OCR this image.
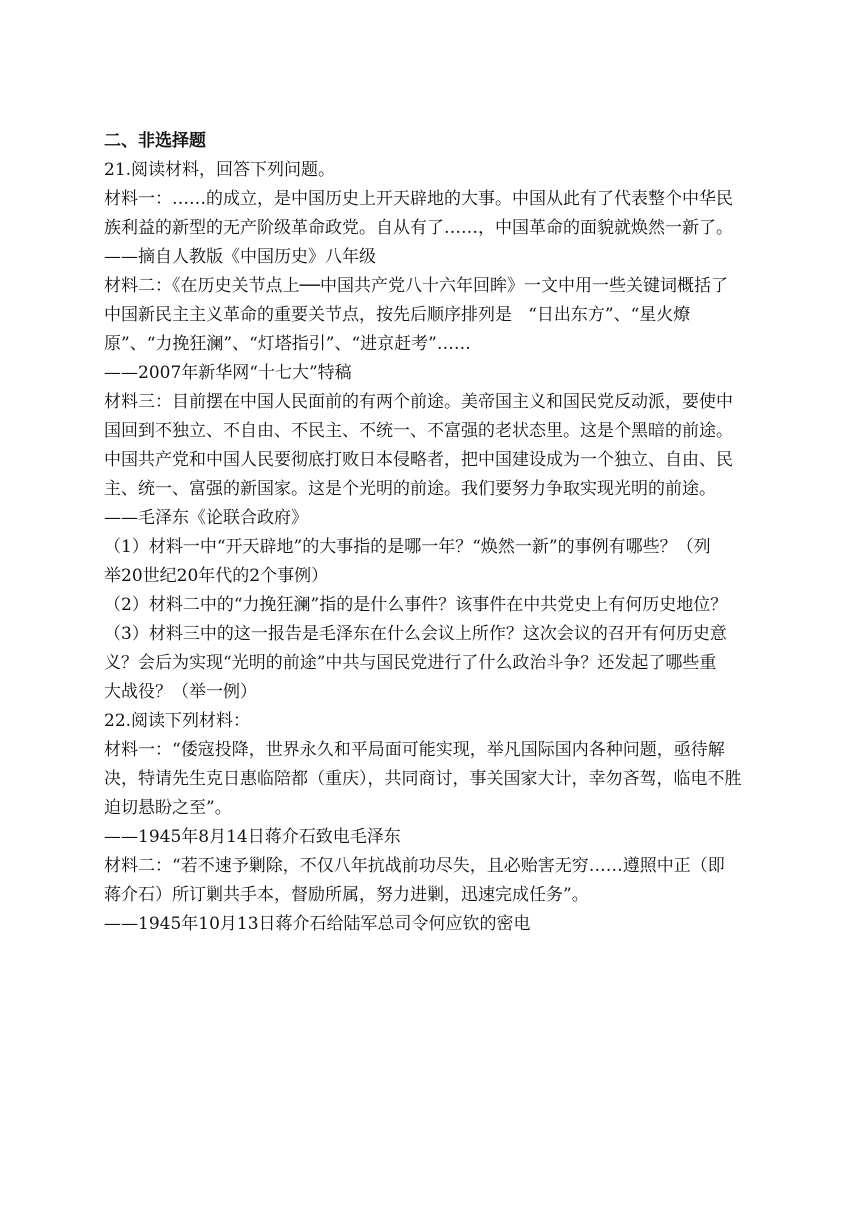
二、非选择题

21.阅读材料，回答下列问题。

材料一：……的成立，是中国历史上开天辟地的大事。中国从此有了代表整个中华民

族利益的新型的无产阶级革命政党。自从有了……，中国革命的面貌就焕然一新了。

——摘自人教版《中国历史》八年级

材料二：《在历史关节点上──中国共产党八十六年回眸》一文中用一些关键词概括了

中国新民主主义革命的重要关节点，按先后顺序排列是   “日出东方”、“星火燎

原”、“力挽狂澜”、“灯塔指引”、“进京赶考”……

——2007年新华网“十七大”特稿

材料三：目前摆在中国人民面前的有两个前途。美帝国主义和国民党反动派，要使中

国回到不独立、不自由、不民主、不统一、不富强的老状态里。这是个黑暗的前途。

中国共产党和中国人民要彻底打败日本侵略者，把中国建设成为一个独立、自由、民

主、统一、富强的新国家。这是个光明的前途。我们要努力争取实现光明的前途。

——毛泽东《论联合政府》

（1）材料一中“开天辟地”的大事指的是哪一年？“焕然一新”的事例有哪些？（列

举20世纪20年代的2个事例）

（2）材料二中的“力挽狂澜”指的是什么事件？该事件在中共党史上有何历史地位？

（3）材料三中的这一报告是毛泽东在什么会议上所作？这次会议的召开有何历史意

义？会后为实现“光明的前途”中共与国民党进行了什么政治斗争？还发起了哪些重

大战役？（举一例）

22.阅读下列材料：

材料一：“倭寇投降，世界永久和平局面可能实现，举凡国际国内各种问题，亟待解

决，特请先生克日惠临陪都（重庆），共同商讨，事关国家大计，幸勿吝驾，临电不胜

迫切悬盼之至”。

——1945年8月14日蒋介石致电毛泽东

材料二：“若不速予剿除，不仅八年抗战前功尽失，且必贻害无穷……遵照中正（即

蒋介石）所订剿共手本，督励所属，努力进剿，迅速完成任务”。

——1945年10月13日蒋介石给陆军总司令何应钦的密电
